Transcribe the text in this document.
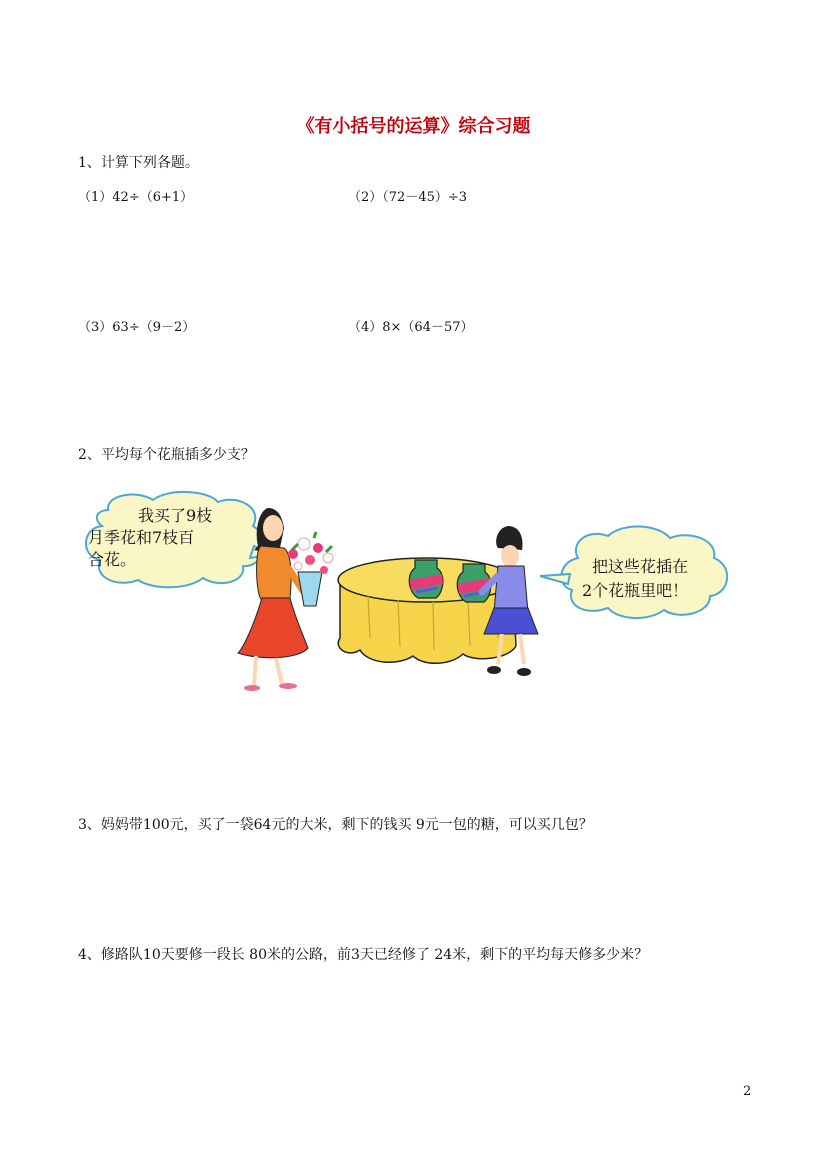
《有小括号的运算》综合习题
1、计算下列各题。
（1）42÷（6+1）	（2）（72－45）÷3
（3）63÷（9－2）	（4）8×（64－57）
2、平均每个花瓶插多少支？
我买了9枝
月季花和7枝百
合花。	把这些花插在
2个花瓶里吧！
3、妈妈带100元，买了一袋64元的大米，剩下的钱买 9元一包的糖，可以买几包？
4、修路队10天要修一段长 80米的公路，前3天已经修了 24米，剩下的平均每天修多少米？
2
